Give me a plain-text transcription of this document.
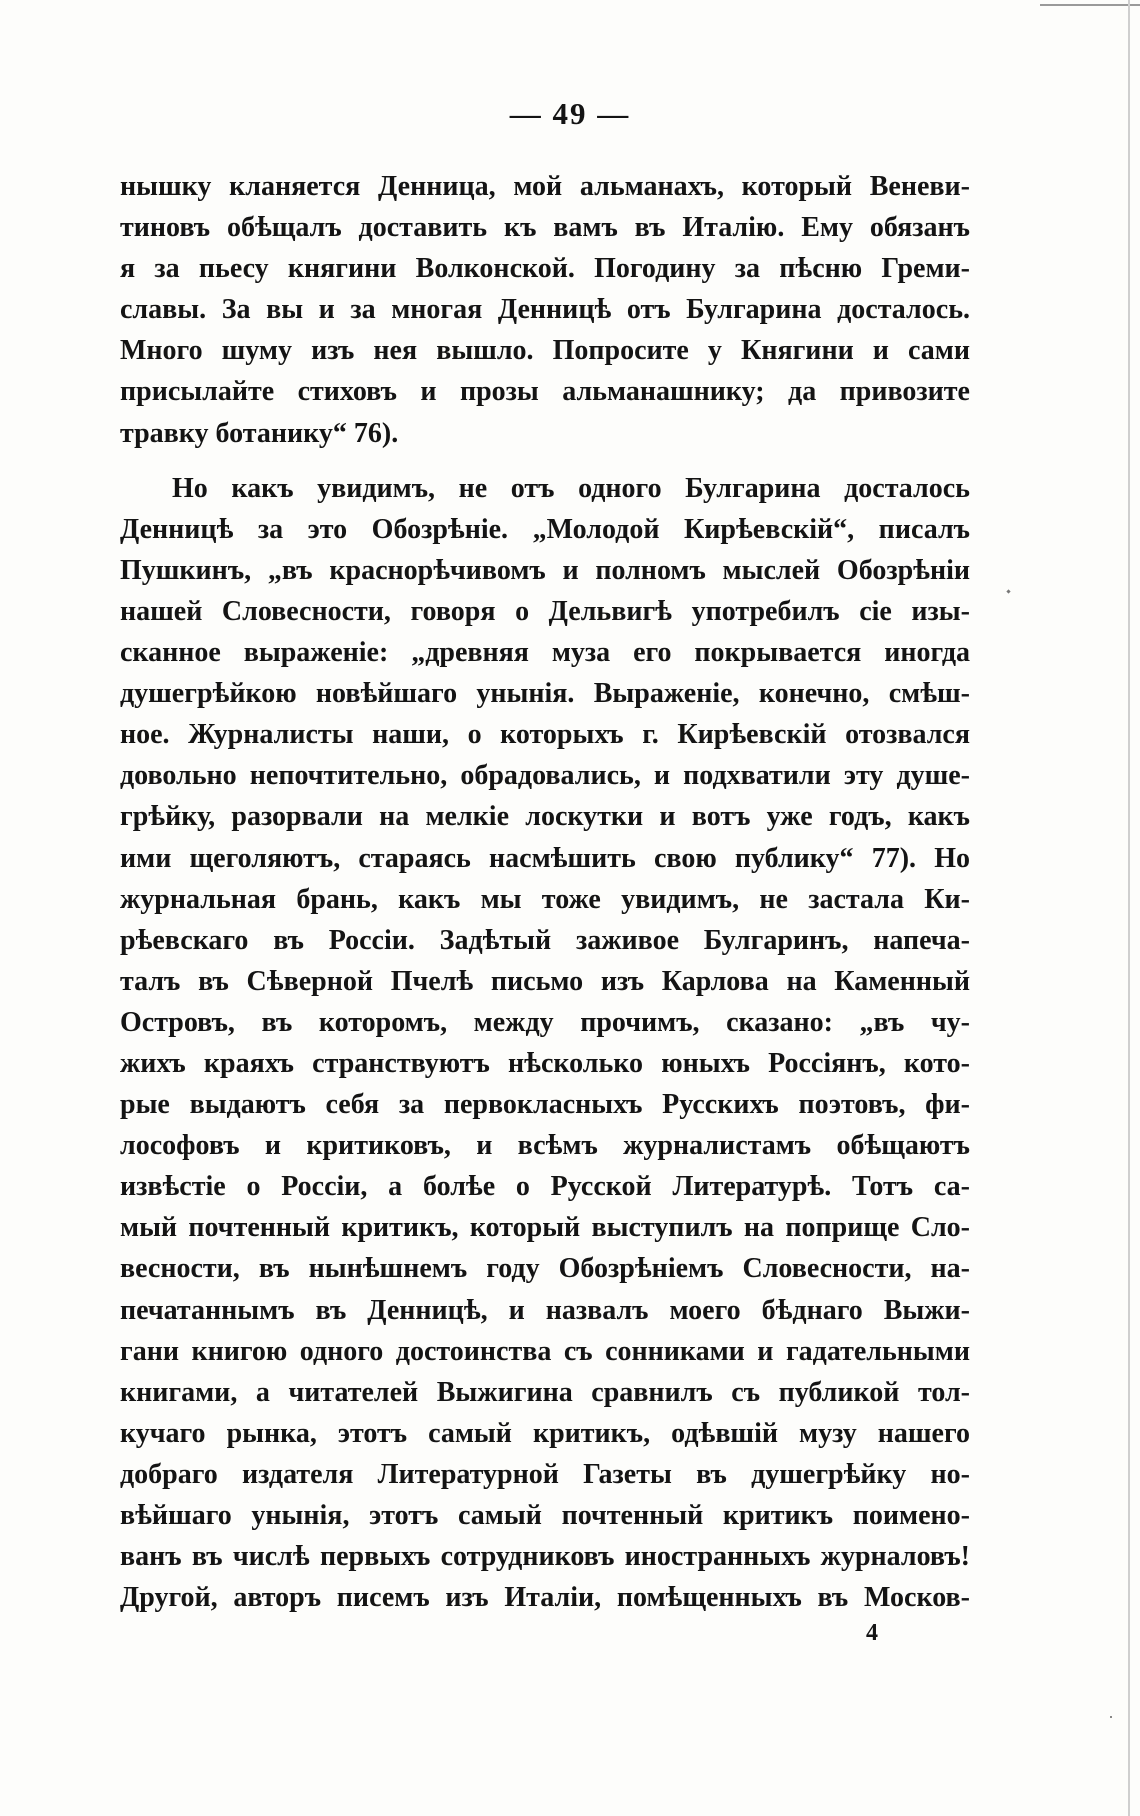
— 49 —
нышку кланяется Денница, мой альманахъ, который Веневи-
тиновъ обѣщалъ доставить къ вамъ въ Италію. Ему обязанъ
я за пьесу княгини Волконской. Погодину за пѣсню Греми-
славы. За вы и за многая Денницѣ отъ Булгарина досталось.
Много шуму изъ нея вышло. Попросите у Княгини и сами
присылайте стиховъ и прозы альманашнику; да привозите
травку ботанику“ 76).
Но какъ увидимъ, не отъ одного Булгарина досталось
Денницѣ за это Обозрѣніе. „Молодой Кирѣевскій“, писалъ
Пушкинъ, „въ краснорѣчивомъ и полномъ мыслей Обозрѣніи
нашей Словесности, говоря о Дельвигѣ употребилъ сіе изы-
сканное выраженіе: „древняя муза его покрывается иногда
душегрѣйкою новѣйшаго унынія. Выраженіе, конечно, смѣш-
ное. Журналисты наши, о которыхъ г. Кирѣевскій отозвался
довольно непочтительно, обрадовались, и подхватили эту душе-
грѣйку, разорвали на мелкіе лоскутки и вотъ уже годъ, какъ
ими щеголяютъ, стараясь насмѣшить свою публику“ 77). Но
журнальная брань, какъ мы тоже увидимъ, не застала Ки-
рѣевскаго въ Россіи. Задѣтый заживое Булгаринъ, напеча-
талъ въ Сѣверной Пчелѣ письмо изъ Карлова на Каменный
Островъ, въ которомъ, между прочимъ, сказано: „въ чу-
жихъ краяхъ странствуютъ нѣсколько юныхъ Россіянъ, кото-
рые выдаютъ себя за первокласныхъ Русскихъ поэтовъ, фи-
лософовъ и критиковъ, и всѣмъ журналистамъ обѣщаютъ
извѣстіе о Россіи, а болѣе о Русской Литературѣ. Тотъ са-
мый почтенный критикъ, который выступилъ на поприще Сло-
весности, въ нынѣшнемъ году Обозрѣніемъ Словесности, на-
печатаннымъ въ Денницѣ, и назвалъ моего бѣднаго Выжи-
гани книгою одного достоинства съ сонниками и гадательными
книгами, а читателей Выжигина сравнилъ съ публикой тол-
кучаго рынка, этотъ самый критикъ, одѣвшій музу нашего
добраго издателя Литературной Газеты въ душегрѣйку но-
вѣйшаго унынія, этотъ самый почтенный критикъ поимено-
ванъ въ числѣ первыхъ сотрудниковъ иностранныхъ журналовъ!
Другой, авторъ писемъ изъ Италіи, помѣщенныхъ въ Москов-
4
